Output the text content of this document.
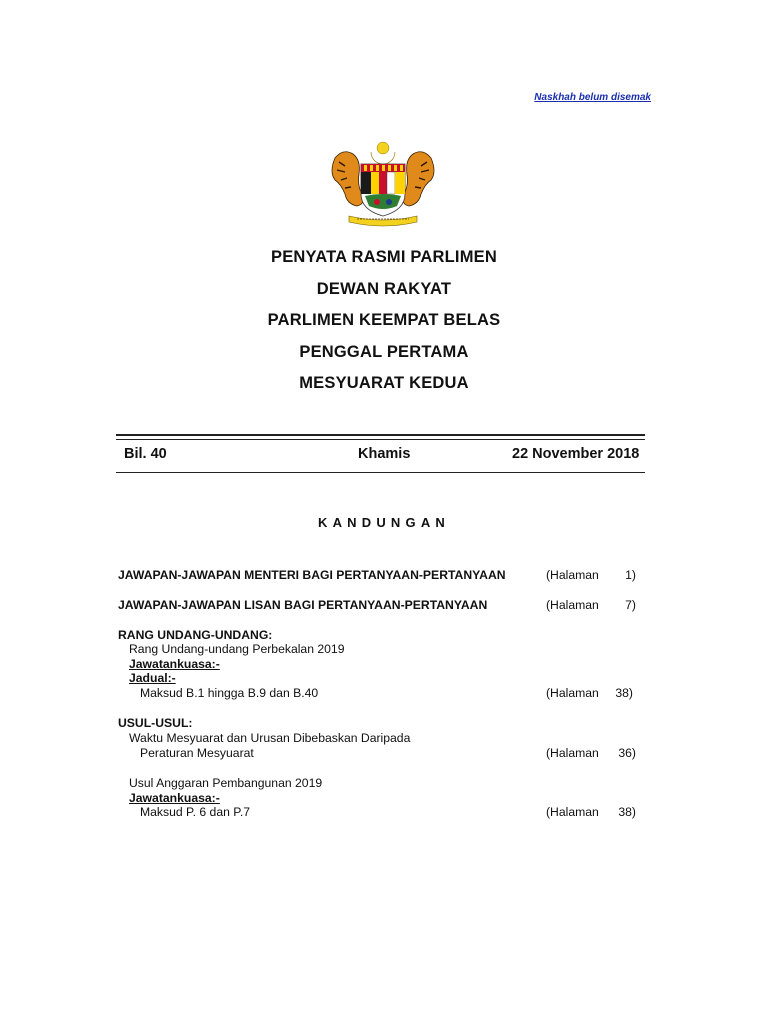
Naskhah belum disemak
PENYATA RASMI PARLIMEN
DEWAN RAKYAT
PARLIMEN KEEMPAT BELAS
PENGGAL PERTAMA
MESYUARAT KEDUA
Bil. 40	Khamis	22 November 2018
KANDUNGAN
JAWAPAN-JAWAPAN MENTERI BAGI PERTANYAAN-PERTANYAAN	(Halaman	1)
JAWAPAN-JAWAPAN LISAN BAGI PERTANYAAN-PERTANYAAN	(Halaman	7)
RANG UNDANG-UNDANG:
Rang Undang-undang Perbekalan 2019
Jawatankuasa:-
Jadual:-
Maksud B.1 hingga B.9 dan B.40	(Halaman	38)
USUL-USUL:
Waktu Mesyuarat dan Urusan Dibebaskan Daripada
Peraturan Mesyuarat	(Halaman	36)
Usul Anggaran Pembangunan 2019
Jawatankuasa:-
Maksud P. 6 dan P.7	(Halaman	38)
